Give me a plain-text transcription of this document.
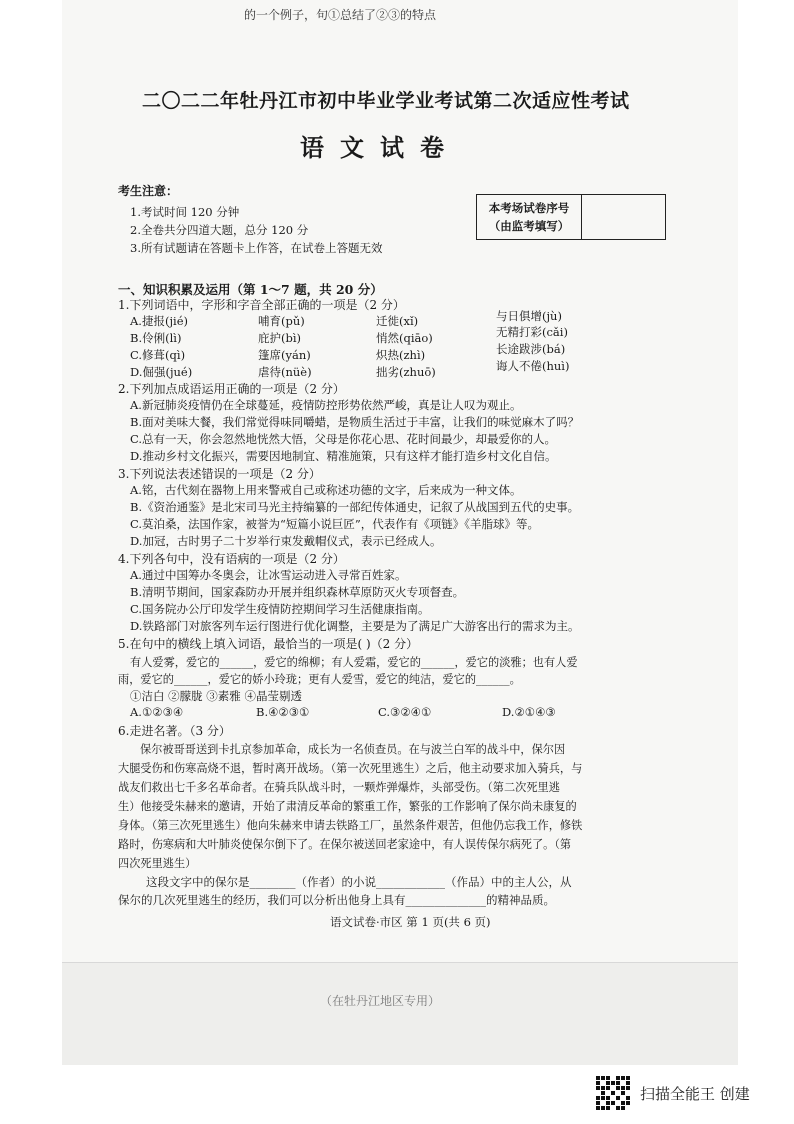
的一个例子，句①总结了②③的特点
二〇二二年牡丹江市初中毕业学业考试第二次适应性考试
语文试卷
考生注意：
1.考试时间 120 分钟
2.全卷共分四道大题，总分 120 分
3.所有试题请在答题卡上作答，在试卷上答题无效
本考场试卷序号
（由监考填写）
一、知识积累及运用（第 1～7 题，共 20 分）
1.下列词语中，字形和字音全部正确的一项是（2 分）
A.捷报(jié)	哺育(pǔ)	迁徙(xǐ)	与日俱增(jù)
B.伶俐(lì)	庇护(bì)	悄然(qiāo)	无精打彩(cǎi)
C.修葺(qì)	篷席(yán)	炽热(zhì)	长途跋涉(bá)
D.倔强(jué)	虐待(nüè)	拙劣(zhuō)	诲人不倦(huì)
2.下列加点成语运用正确的一项是（2 分）
A.新冠肺炎疫情仍在全球蔓延，疫情防控形势依然严峻，真是让人叹为观止。
B.面对美味大餐，我们常觉得味同嚼蜡，是物质生活过于丰富，让我们的味觉麻木了吗？
C.总有一天，你会忽然地恍然大悟，父母是你花心思、花时间最少，却最爱你的人。
D.推动乡村文化振兴，需要因地制宜、精准施策，只有这样才能打造乡村文化自信。
3.下列说法表述错误的一项是（2 分）
A.铭，古代刻在器物上用来警戒自己或称述功德的文字，后来成为一种文体。
B.《资治通鉴》是北宋司马光主持编纂的一部纪传体通史，记叙了从战国到五代的史事。
C.莫泊桑，法国作家，被誉为“短篇小说巨匠”，代表作有《项链》《羊脂球》等。
D.加冠，古时男子二十岁举行束发戴帽仪式，表示已经成人。
4.下列各句中，没有语病的一项是（2 分）
A.通过中国筹办冬奥会，让冰雪运动进入寻常百姓家。
B.清明节期间，国家森防办开展并组织森林草原防灭火专项督查。
C.国务院办公厅印发学生疫情防控期间学习生活健康指南。
D.铁路部门对旅客列车运行图进行优化调整，主要是为了满足广大游客出行的需求为主。
5.在句中的横线上填入词语，最恰当的一项是( )（2 分）
有人爱雾，爱它的______，爱它的绵柳；有人爱霜，爱它的______，爱它的淡雅；也有人爱
雨，爱它的______，爱它的娇小玲珑；更有人爱雪，爱它的纯洁，爱它的______。
①洁白 ②朦胧 ③素雅 ④晶莹剔透
A.①②③④	B.④②③①	C.③②④①	D.②①④③
6.走进名著。（3 分）
保尔被哥哥送到卡扎京参加革命，成长为一名侦查员。在与波兰白军的战斗中，保尔因
大腿受伤和伤寒高烧不退，暂时离开战场。（第一次死里逃生）之后，他主动要求加入骑兵，与
战友们救出七千多名革命者。在骑兵队战斗时，一颗炸弹爆炸，头部受伤。（第二次死里逃
生）他接受朱赫来的邀请，开始了肃清反革命的繁重工作，繁张的工作影响了保尔尚未康复的
身体。（第三次死里逃生）他向朱赫来申请去铁路工厂，虽然条件艰苦，但他仍忘我工作，修铁
路时，伤寒病和大叶肺炎使保尔倒下了。在保尔被送回老家途中，有人误传保尔病死了。（第
四次死里逃生）
这段文字中的保尔是________（作者）的小说____________（作品）中的主人公，从
保尔的几次死里逃生的经历，我们可以分析出他身上具有______________的精神品质。
语文试卷·市区 第 1 页(共 6 页)
（在牡丹江地区专用）
扫描全能王 创建
